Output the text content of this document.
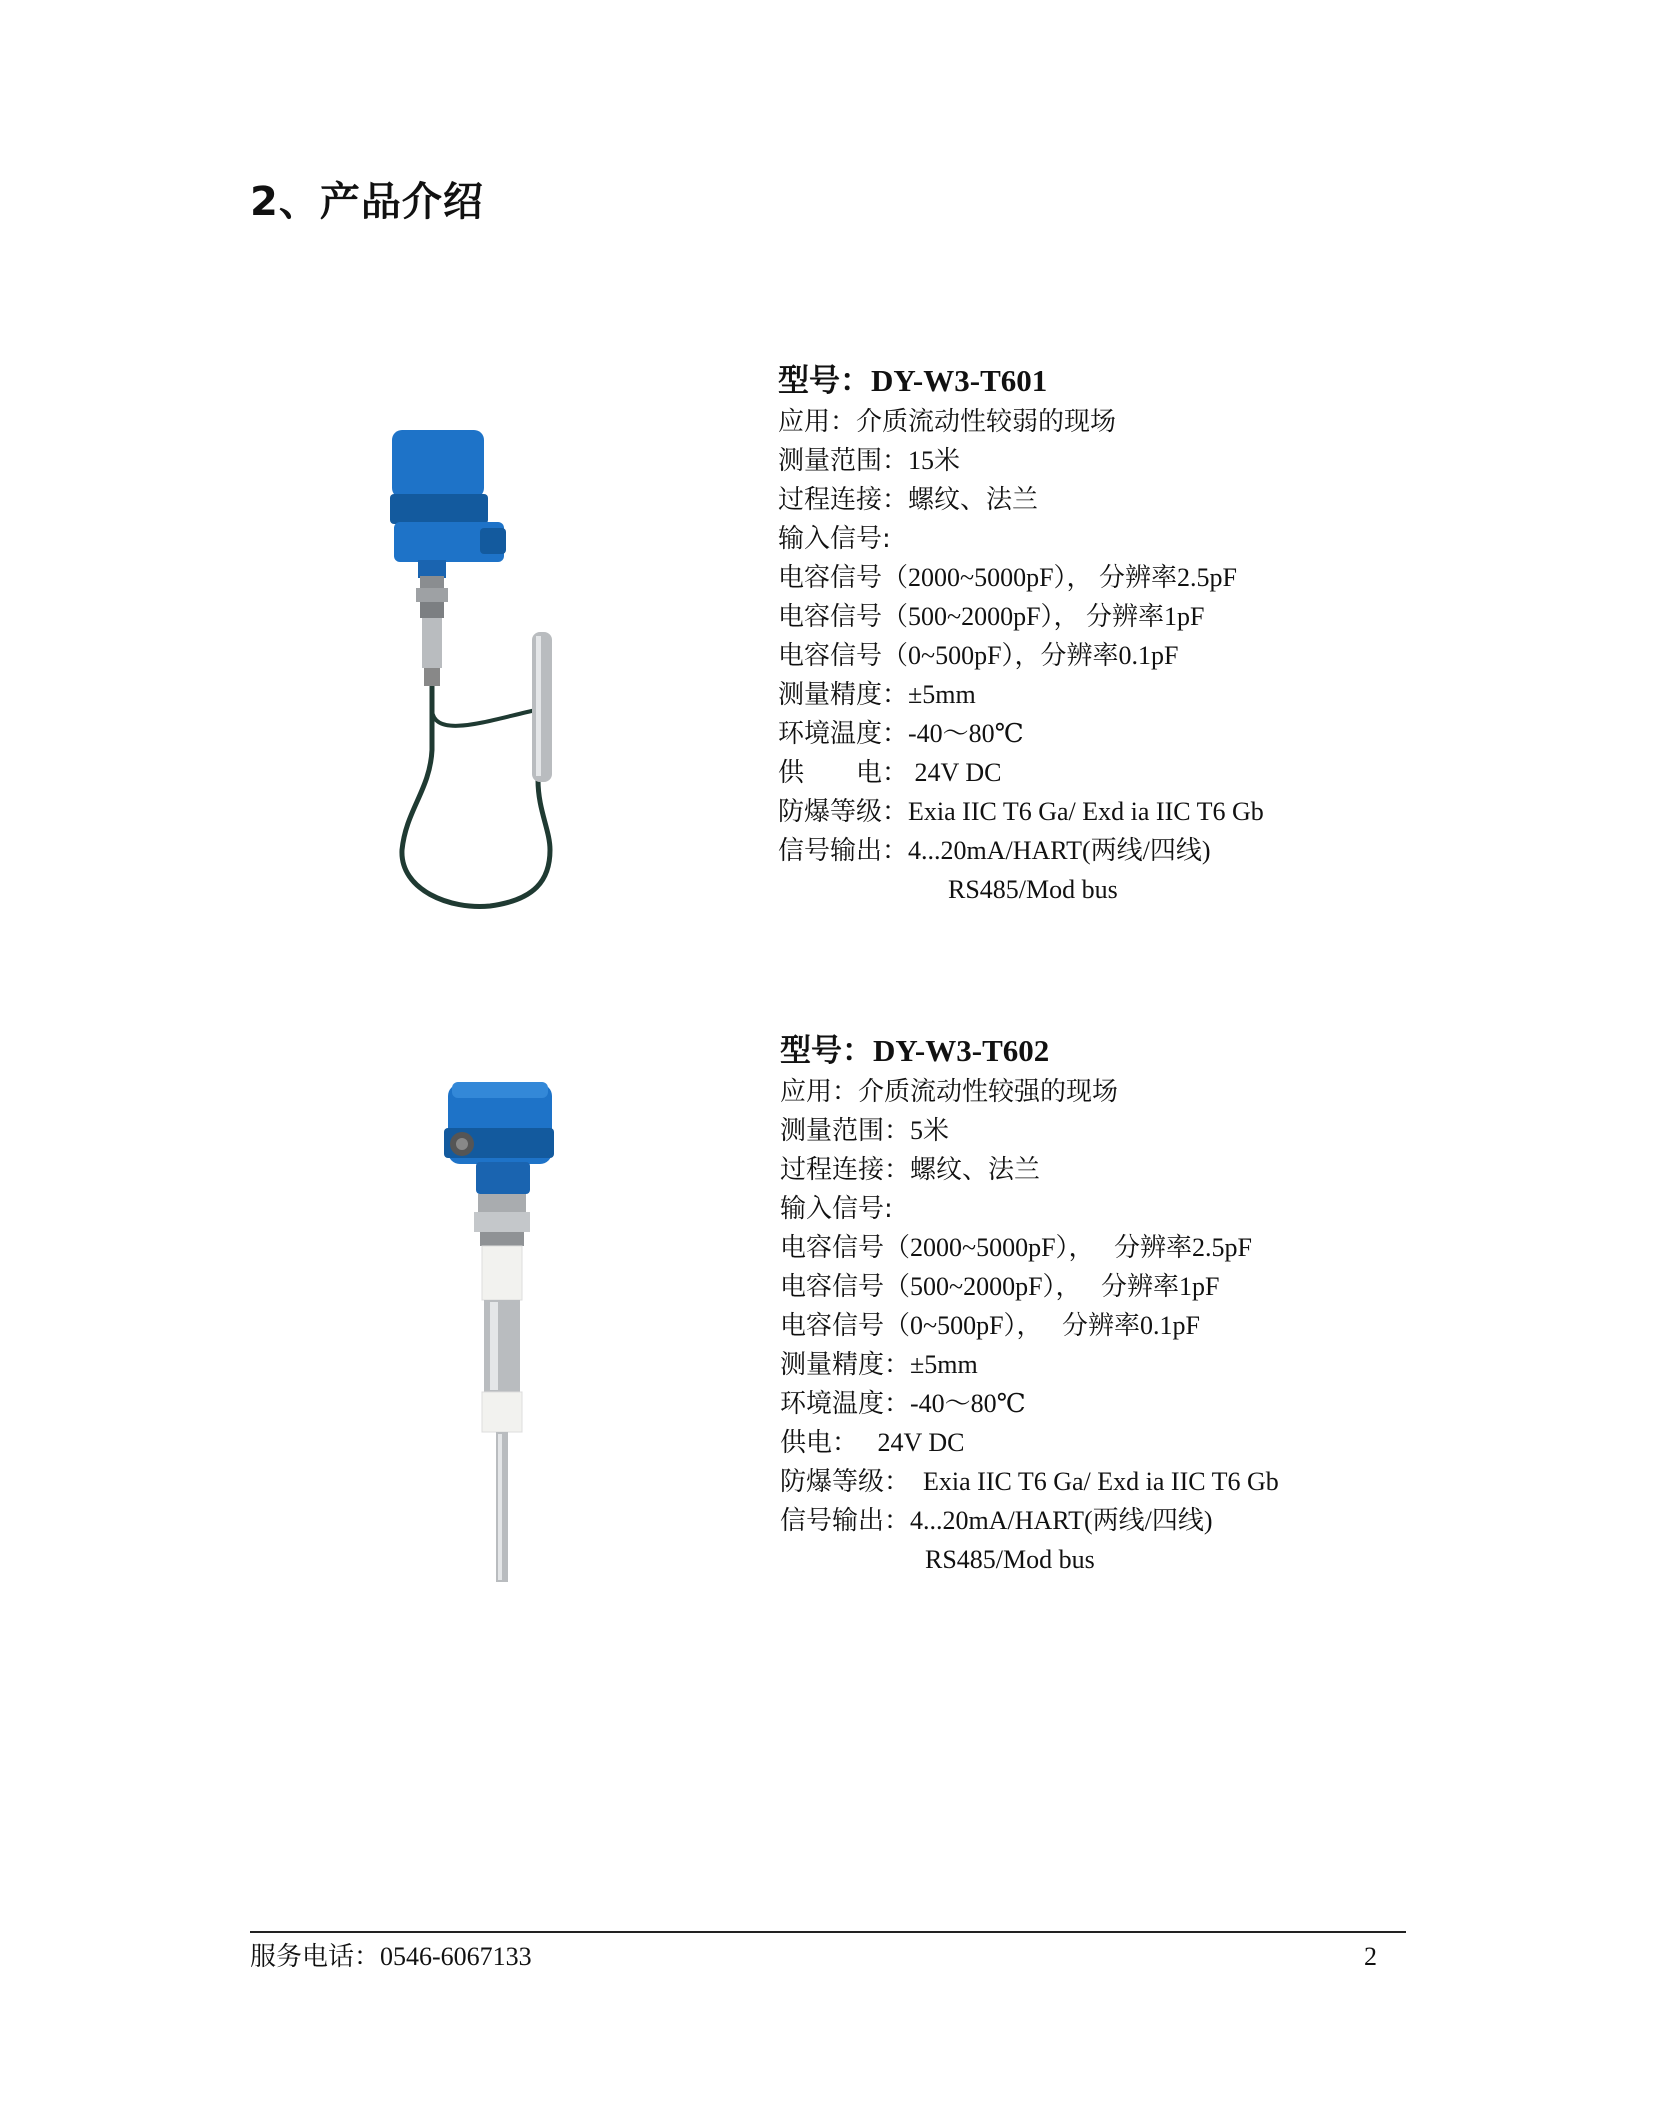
2、产品介绍
型号：DY-W3-T601
应用：介质流动性较弱的现场
测量范围：15米
过程连接：螺纹、法兰
输入信号:
电容信号（2000~5000pF）， 分辨率2.5pF
电容信号（500~2000pF）， 分辨率1pF
电容信号（0~500pF），分辨率0.1pF
测量精度：±5mm
环境温度：-40～80℃
供　　电： 24V DC
防爆等级：Exia IIC T6 Ga/ Exd ia IIC T6 Gb
信号输出：4...20mA/HART(两线/四线)
RS485/Mod bus
型号：DY-W3-T602
应用：介质流动性较强的现场
测量范围：5米
过程连接：螺纹、法兰
输入信号:
电容信号（2000~5000pF），   分辨率2.5pF
电容信号（500~2000pF），   分辨率1pF
电容信号（0~500pF），   分辨率0.1pF
测量精度：±5mm
环境温度：-40～80℃
供电：   24V DC
防爆等级：  Exia IIC T6 Ga/ Exd ia IIC T6 Gb
信号输出：4...20mA/HART(两线/四线)
RS485/Mod bus
服务电话：0546-6067133	2
